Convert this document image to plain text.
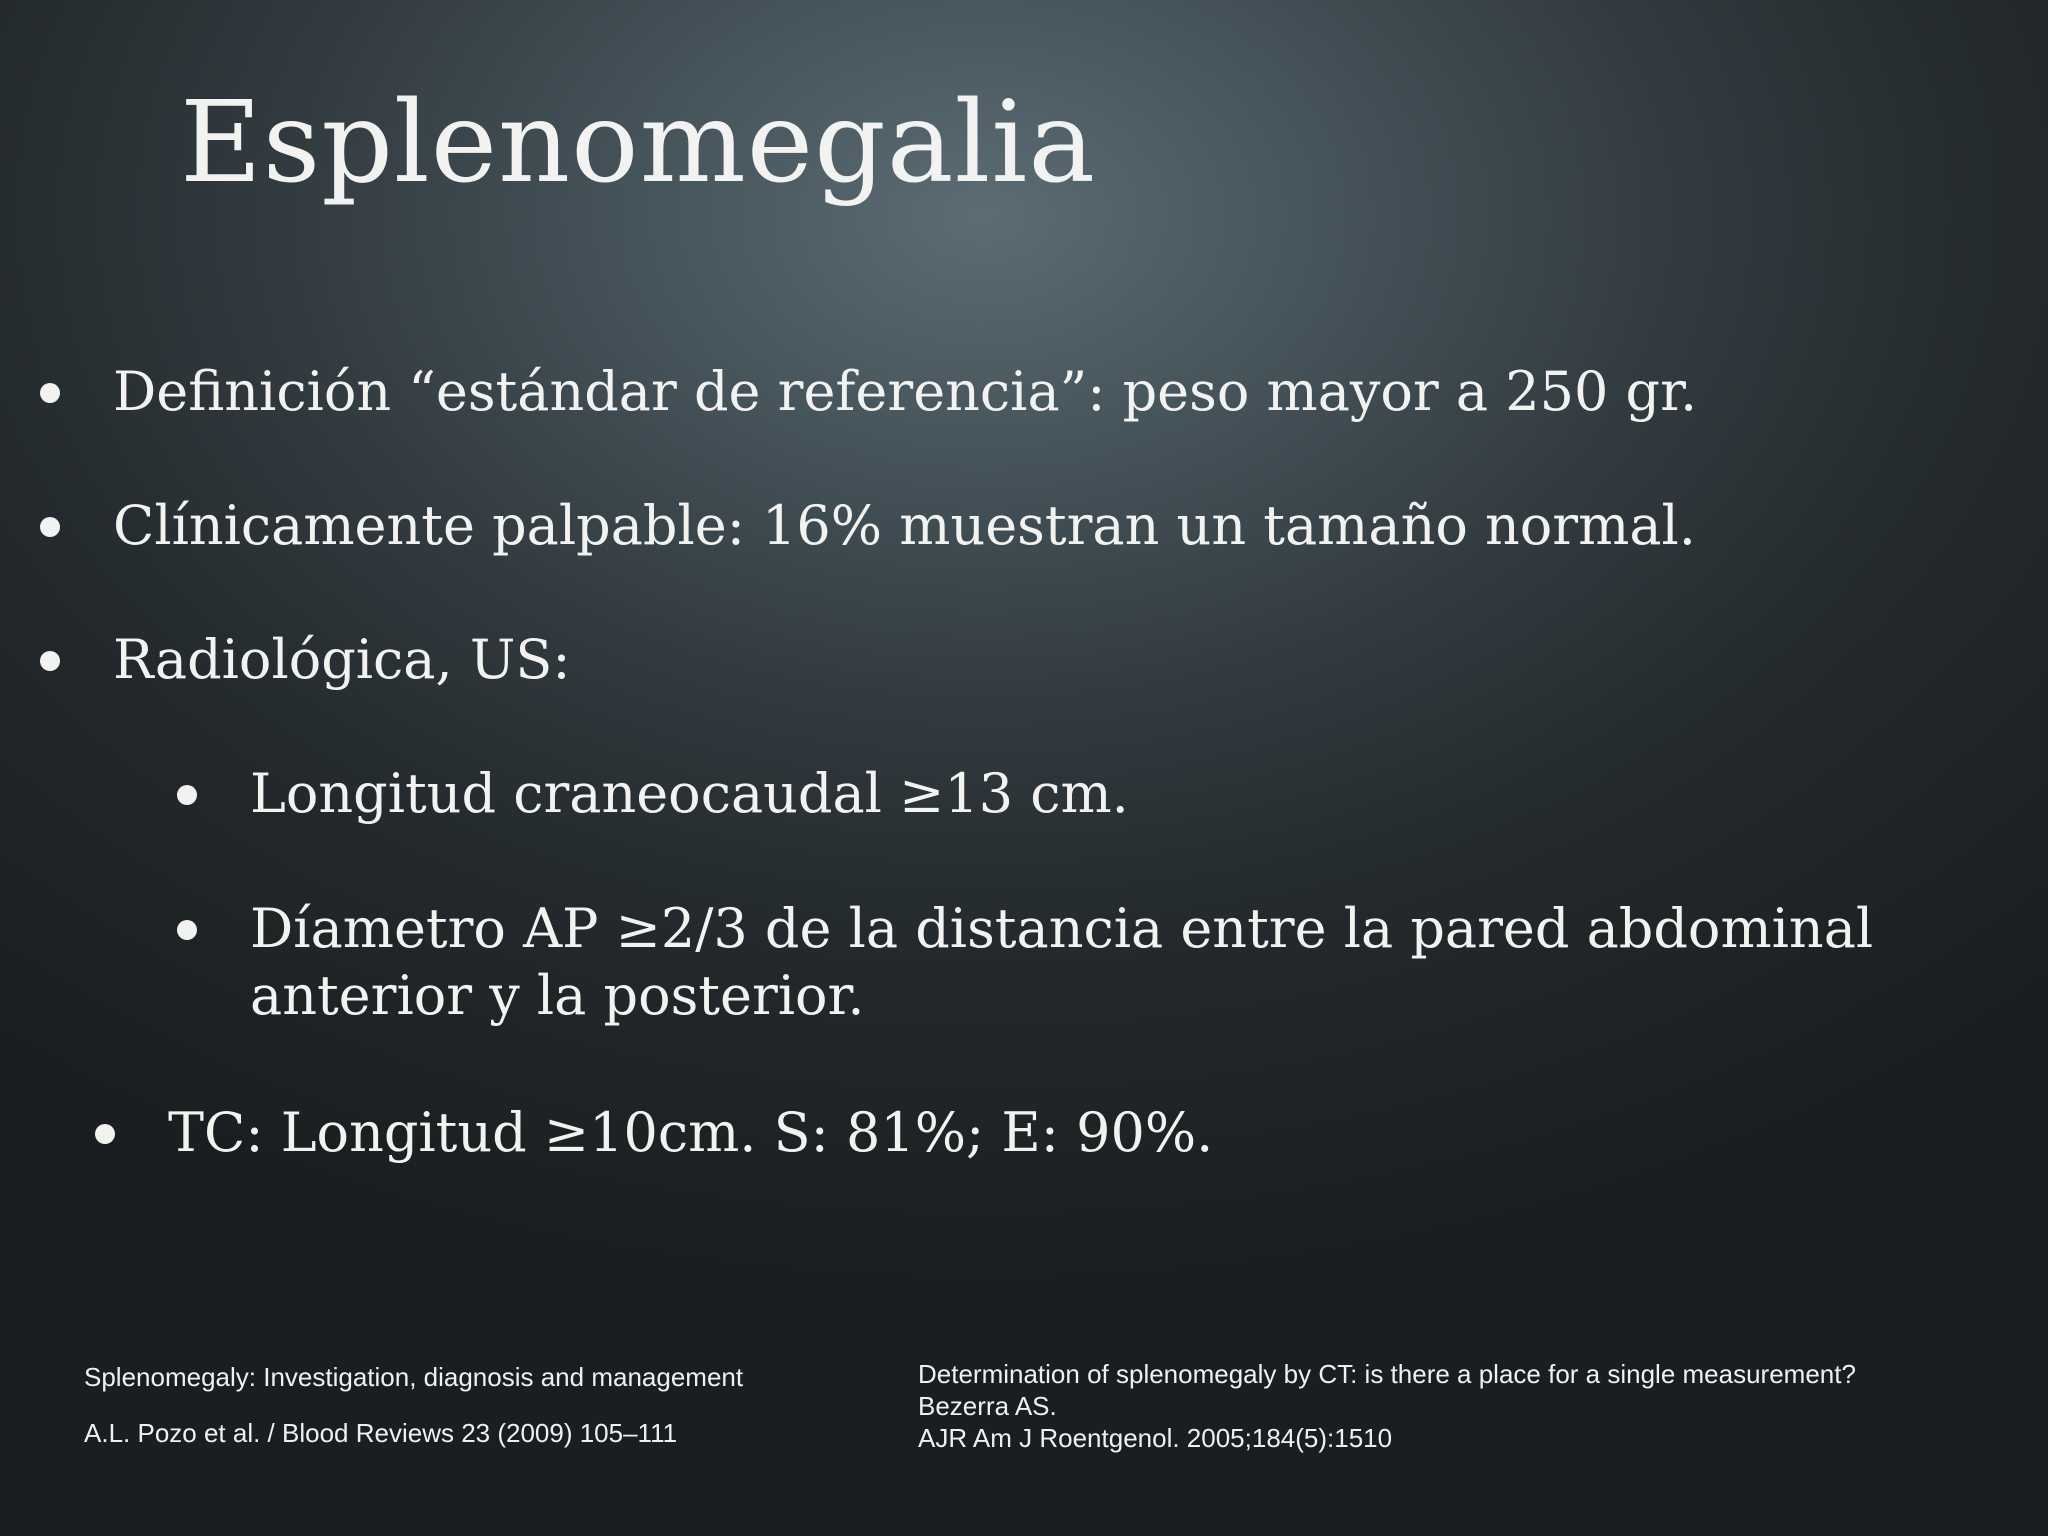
Esplenomegalia

Definición “estándar de referencia”: peso mayor a 250 gr.

Clínicamente palpable: 16% muestran un tamaño normal.

Radiológica, US:

Longitud craneocaudal ≥13 cm.

Díametro AP ≥2/3 de la distancia entre la pared abdominal

anterior y la posterior.

TC: Longitud ≥10cm. S: 81%; E: 90%.

Splenomegaly: Investigation, diagnosis and management
A.L. Pozo et al. / Blood Reviews 23 (2009) 105–111
Determination of splenomegaly by CT: is there a place for a single measurement?
Bezerra AS.
AJR Am J Roentgenol. 2005;184(5):1510
